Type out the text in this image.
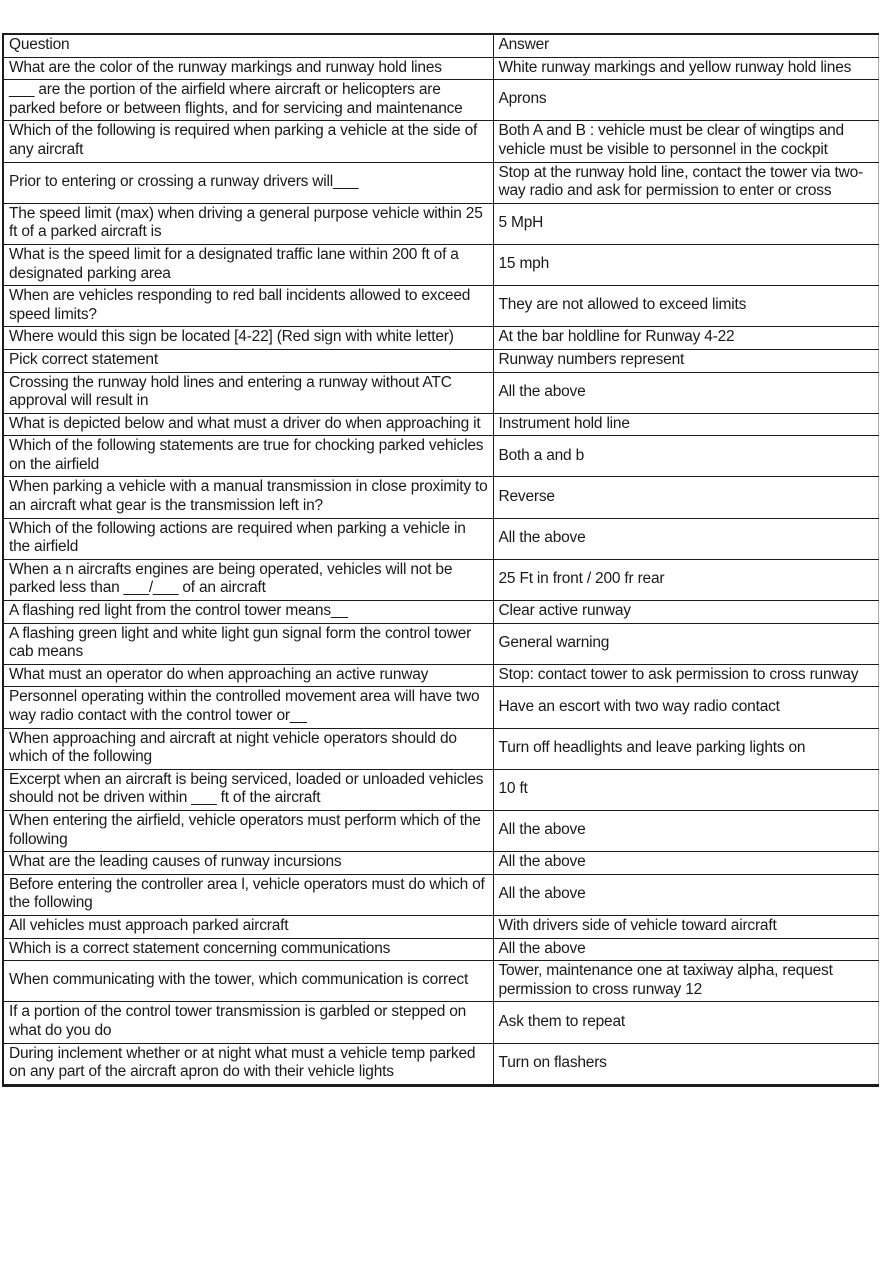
Question	Answer
What are the color of the runway markings and runway hold lines	White runway markings and yellow runway hold lines
___ are the portion of the airfield where aircraft or helicopters are parked before or between flights, and for servicing and maintenance	Aprons
Which of the following is required when parking a vehicle at the side of any aircraft	Both A and B : vehicle must be clear of wingtips and vehicle must be visible to personnel in the cockpit
Prior to entering or crossing a runway drivers will___	Stop at the runway hold line, contact the tower via two-way radio and ask for permission to enter or cross
The speed limit (max) when driving a general purpose vehicle within 25 ft of a parked aircraft is	5 MpH
What is the speed limit for a designated traffic lane within 200 ft of a designated parking area	15 mph
When are vehicles responding to red ball incidents allowed to exceed speed limits?	They are not allowed to exceed limits
Where would this sign be located [4-22] (Red sign with white letter)	At the bar holdline for Runway 4-22
Pick correct statement	Runway numbers represent
Crossing the runway hold lines and entering a runway without ATC approval will result in	All the above
What is depicted below and what must a driver do when approaching it	Instrument hold line
Which of the following statements are true for chocking parked vehicles on the airfield	Both a and b
When parking a vehicle with a manual transmission in close proximity to an aircraft what gear is the transmission left in?	Reverse
Which of the following actions are required when parking a vehicle in the airfield	All the above
When a n aircrafts engines are being operated, vehicles will not be parked less than ___/___ of an aircraft	25 Ft in front / 200 fr rear
A flashing red light from the control tower means__	Clear active runway
A flashing green light and white light gun signal form the control tower cab means	General warning
What must an operator do when approaching an active runway	Stop: contact tower to ask permission to cross runway
Personnel operating within the controlled movement area will have two way radio contact with the control tower or__	Have an escort with two way radio contact
When approaching and aircraft at night vehicle operators should do which of the following	Turn off headlights and leave parking lights on
Excerpt when an aircraft is being serviced, loaded or unloaded vehicles should not be driven within ___ ft of the aircraft	10 ft
When entering the airfield, vehicle operators must perform which of the following	All the above
What are the leading causes of runway incursions	All the above
Before entering the controller area l, vehicle operators must do which of the following	All the above
All vehicles must approach parked aircraft	With drivers side of vehicle toward aircraft
Which is a correct statement concerning communications	All the above
When communicating with the tower, which communication is correct	Tower, maintenance one at taxiway alpha, request permission to cross runway 12
If a portion of the control tower transmission is garbled or stepped on what do you do	Ask them to repeat
During inclement whether or at night what must a vehicle temp parked on any part of the aircraft apron do with their vehicle lights	Turn on flashers
